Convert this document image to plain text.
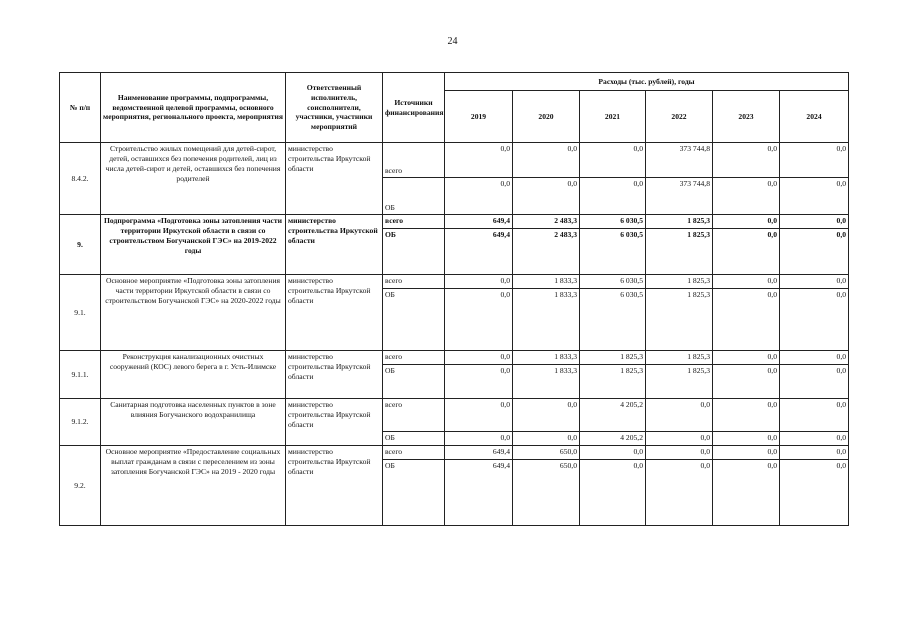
24
№ п/п	Наименование программы, подпрограммы, ведомственной целевой программы, основного мероприятия, регионального проекта, мероприятия	Ответственный исполнитель, соисполнители, участники, участники мероприятий	Источники финансирования	Расходы (тыс. рублей), годы					
				2019	2020	2021	2022	2023	2024
8.4.2.	Строительство жилых помещений для детей-сирот, детей, оставшихся без попечения родителей, лиц из числа детей-сирот и детей, оставшихся без попечения родителей	министерство строительства Иркутской области	всего	0,0	0,0	0,0	373 744,8	0,0	0,0
			ОБ	0,0	0,0	0,0	373 744,8	0,0	0,0
9.	Подпрограмма «Подготовка зоны затопления части территории Иркутской области в связи со строительством Богучанской ГЭС» на 2019-2022 годы	министерство строительства Иркутской области	всего	649,4	2 483,3	6 030,5	1 825,3	0,0	0,0
			ОБ	649,4	2 483,3	6 030,5	1 825,3	0,0	0,0
9.1.	Основное мероприятие «Подготовка зоны затопления части территории Иркутской области в связи со строительством Богучанской ГЭС» на 2020-2022 годы	министерство строительства Иркутской области	всего	0,0	1 833,3	6 030,5	1 825,3	0,0	0,0
			ОБ	0,0	1 833,3	6 030,5	1 825,3	0,0	0,0
9.1.1.	Реконструкция канализационных очистных сооружений (КОС) левого берега в г. Усть-Илимске	министерство строительства Иркутской области	всего	0,0	1 833,3	1 825,3	1 825,3	0,0	0,0
			ОБ	0,0	1 833,3	1 825,3	1 825,3	0,0	0,0
9.1.2.	Санитарная подготовка населенных пунктов в зоне влияния Богучанского водохранилища	министерство строительства Иркутской области	всего	0,0	0,0	4 205,2	0,0	0,0	0,0
			ОБ	0,0	0,0	4 205,2	0,0	0,0	0,0
9.2.	Основное мероприятие «Предоставление социальных выплат гражданам в связи с переселением из зоны затопления Богучанской ГЭС» на 2019 - 2020 годы	министерство строительства Иркутской области	всего	649,4	650,0	0,0	0,0	0,0	0,0
			ОБ	649,4	650,0	0,0	0,0	0,0	0,0
